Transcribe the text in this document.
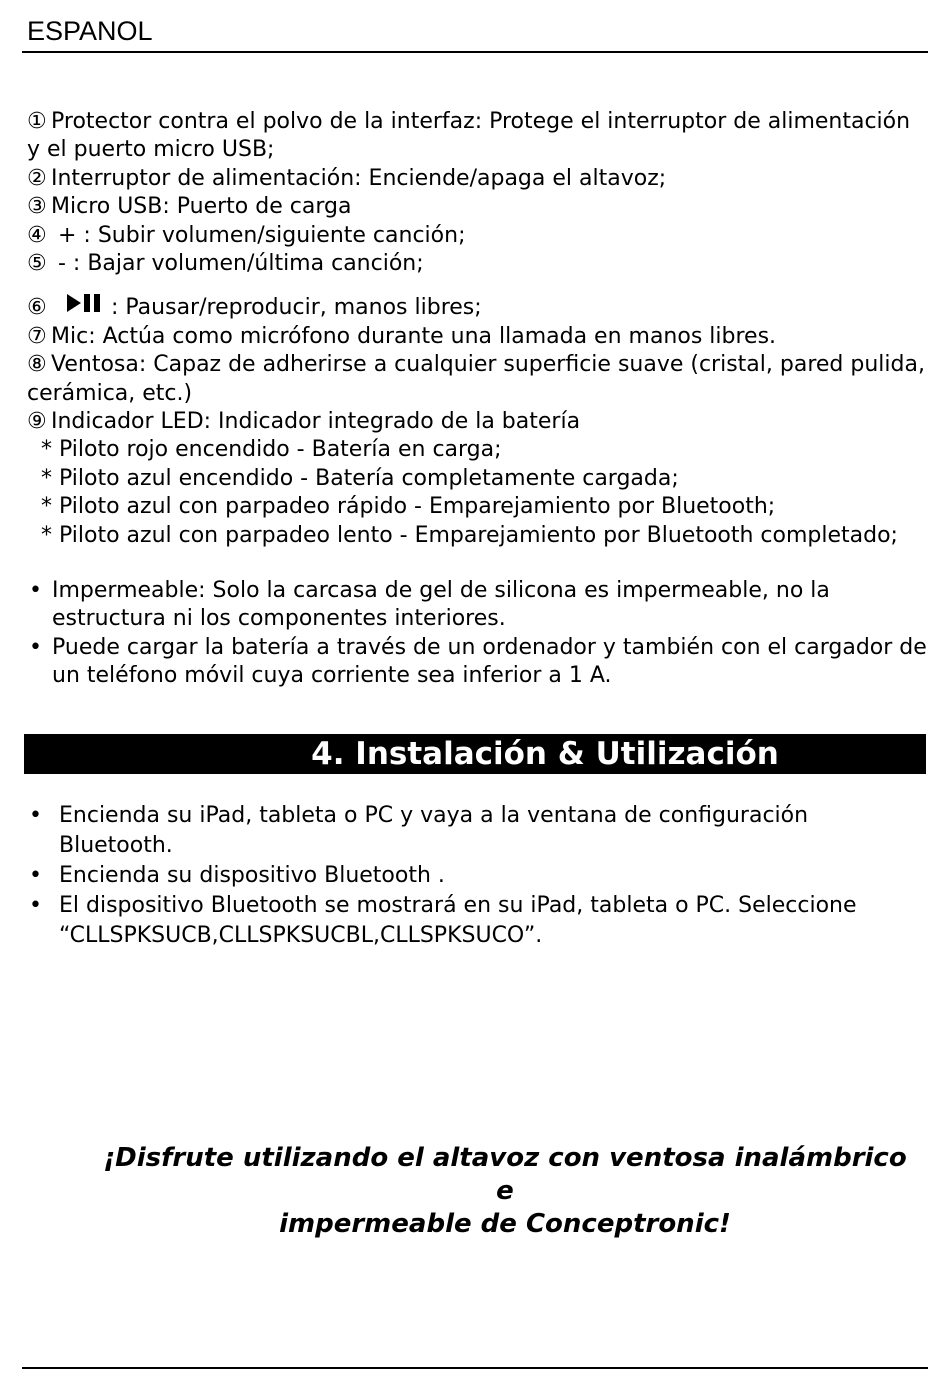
ESPANOL
① Protector contra el polvo de la interfaz: Protege el interruptor de alimentación
y el puerto micro USB;
② Interruptor de alimentación: Enciende/apaga el altavoz;
③ Micro USB: Puerto de carga
④ + : Subir volumen/siguiente canción;
⑤ - : Bajar volumen/última canción;
⑥	: Pausar/reproducir, manos libres;
⑦ Mic: Actúa como micrófono durante una llamada en manos libres.
⑧ Ventosa: Capaz de adherirse a cualquier superficie suave (cristal, pared pulida,
cerámica, etc.)
⑨ Indicador LED: Indicador integrado de la batería
* Piloto rojo encendido - Batería en carga;
* Piloto azul encendido - Batería completamente cargada;
* Piloto azul con parpadeo rápido - Emparejamiento por Bluetooth;
* Piloto azul con parpadeo lento - Emparejamiento por Bluetooth completado;
• Impermeable: Solo la carcasa de gel de silicona es impermeable, no la
estructura ni los componentes interiores.
• Puede cargar la batería a través de un ordenador y también con el cargador de
un teléfono móvil cuya corriente sea inferior a 1 A.
4. Instalación & Utilización
• Encienda su iPad, tableta o PC y vaya a la ventana de configuración Bluetooth.
• Encienda su dispositivo Bluetooth .
• El dispositivo Bluetooth se mostrará en su iPad, tableta o PC. Seleccione
“CLLSPKSUCB,CLLSPKSUCBL,CLLSPKSUCO”.
¡Disfrute utilizando el altavoz con ventosa inalámbrico e
impermeable de Conceptronic!
